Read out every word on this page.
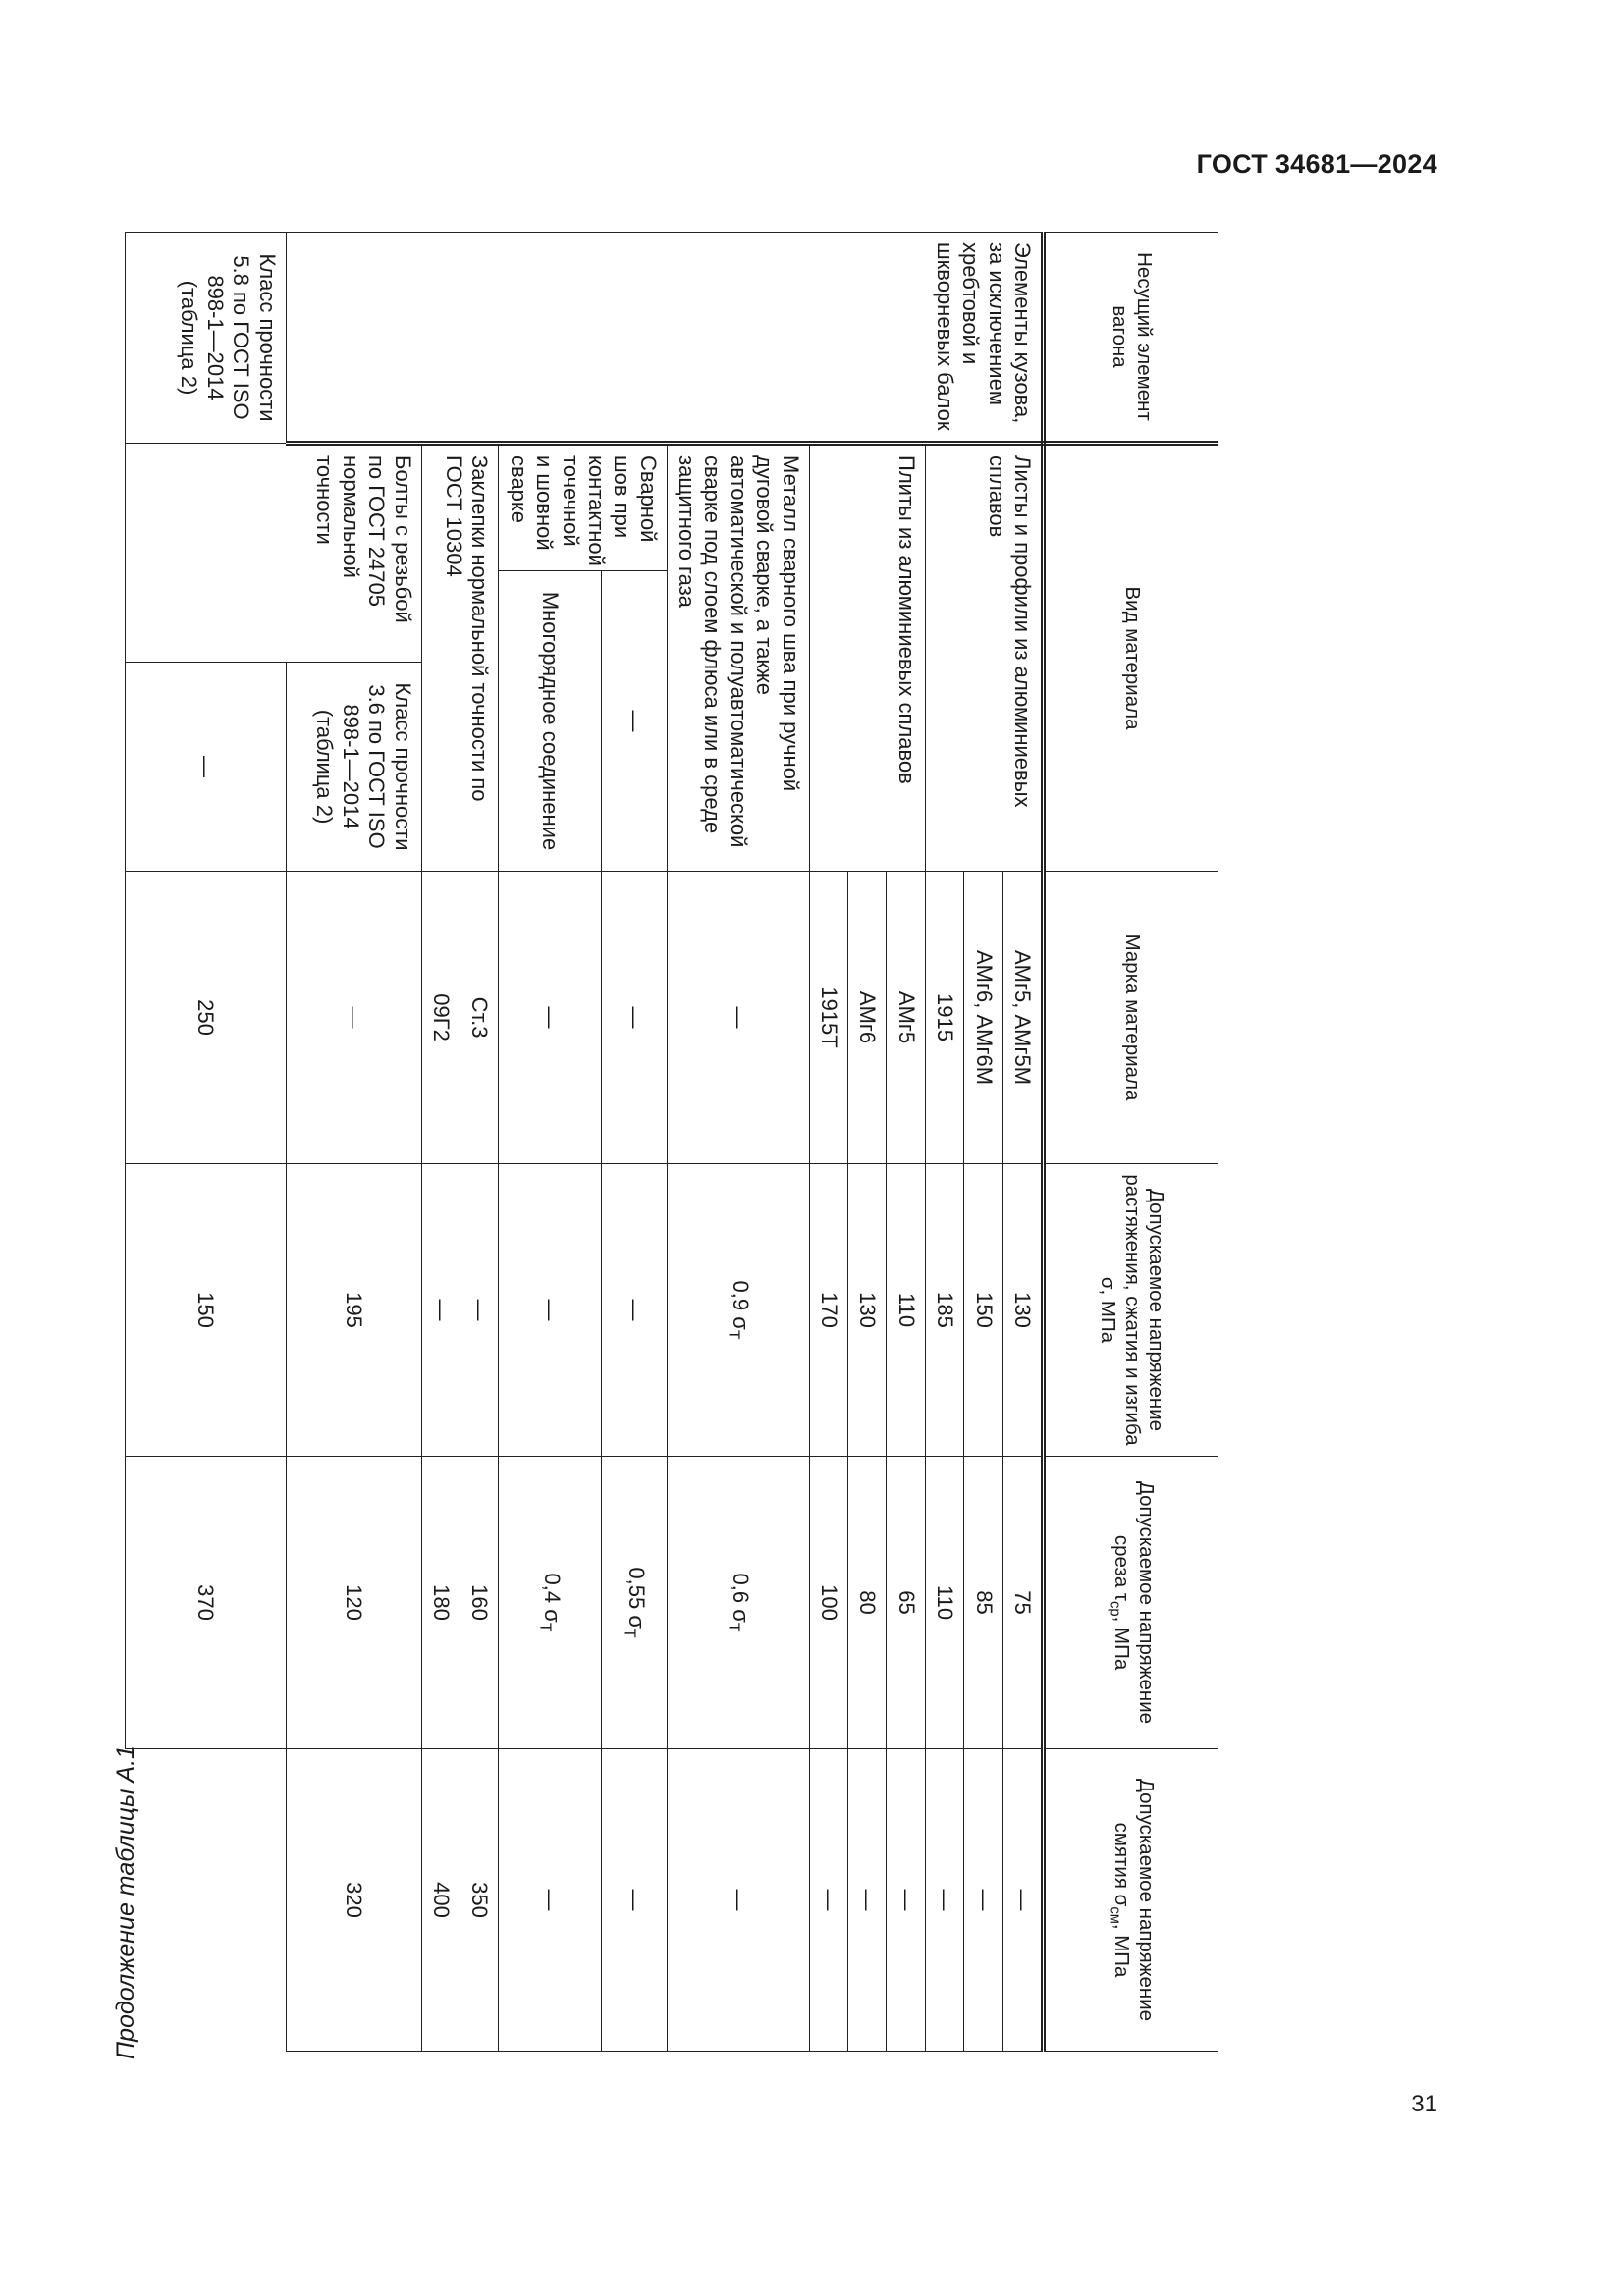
ГОСТ 34681—2024
Продолжение таблицы А.1
Несущий элемент вагона	Вид материала			Марка материала	Допускаемое напряжение растяжения, сжатия и изгиба σ, МПа	Допускаемое напряжение среза $\tau_{ср}$, МПа	Допускаемое напряжение смятия $\sigma_{см}$, МПа
Элементы кузова, за исключением хребтовой и шкворневых балок	Листы и профили из алюминиевых сплавов			АМг5, АМг5М	130	75	—
				АМг6, АМг6М	150	85	—
				1915	185	110	—
	Плиты из алюминиевых сплавов			АМг5	110	65	—
				АМг6	130	80	—
				1915Т	170	100	—
	Металл сварного шва при ручной дуговой сварке, а также автоматической и полуавтоматической сварке под слоем флюса или в среде защитного газа			—	0,9 $\sigma_Т$	0,6 $\sigma_Т$	—
	Сварной шов при контактной точечной и шовной сварке	—		—	—	0,55 $\sigma_Т$	—
		Многорядное соединение		—	—	0,4 $\sigma_Т$	—
	Заклепки нормальной точности по ГОСТ 10304			Ст.3	—	160	350
				09Г2	—	180	400
	Болты с резьбой по ГОСТ 24705 нормальной точности		Класс прочности 3.6 по ГОСТ ISO 898-1—2014 (таблица 2)	—	195	120	320
Класс прочности 5.8 по ГОСТ ISO 898-1—2014 (таблица 2)			—	250	150	370	
31
